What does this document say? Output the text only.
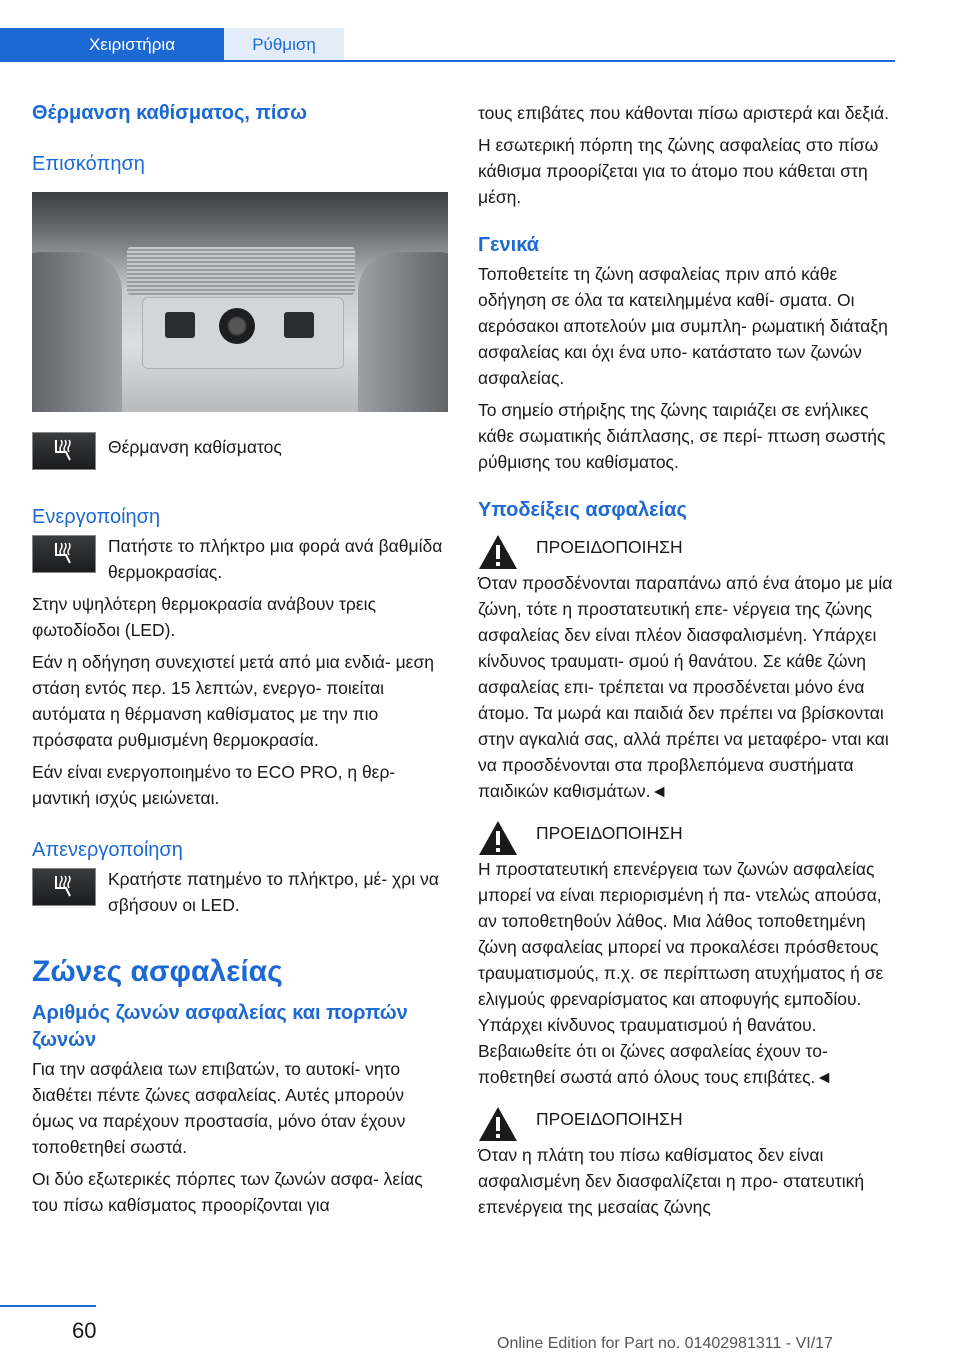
Χειριστήρια	Ρύθμιση
Θέρμανση καθίσματος, πίσω
Επισκόπηση

Θέρμανση καθίσματος

Ενεργοποίηση

Πατήστε το πλήκτρο μια φορά ανά βαθμίδα θερμοκρασίας.

Στην υψηλότερη θερμοκρασία ανάβουν τρεις φωτοδίοδοι (LED).

Εάν η οδήγηση συνεχιστεί μετά από μια ενδιά- μεση στάση εντός περ. 15 λεπτών, ενεργο- ποιείται αυτόματα η θέρμανση καθίσματος με την πιο πρόσφατα ρυθμισμένη θερμοκρασία.

Εάν είναι ενεργοποιημένο το ECO PRO, η θερ- μαντική ισχύς μειώνεται.

Απενεργοποίηση

Κρατήστε πατημένο το πλήκτρο, μέ- χρι να σβήσουν οι LED.

Ζώνες ασφαλείας
Αριθμός ζωνών ασφαλείας και πορπών ζωνών

Για την ασφάλεια των επιβατών, το αυτοκί- νητο διαθέτει πέντε ζώνες ασφαλείας. Αυτές μπορούν όμως να παρέχουν προστασία, μόνο όταν έχουν τοποθετηθεί σωστά.

Οι δύο εξωτερικές πόρπες των ζωνών ασφα- λείας του πίσω καθίσματος προορίζονται για

τους επιβάτες που κάθονται πίσω αριστερά και δεξιά.

Η εσωτερική πόρπη της ζώνης ασφαλείας στο πίσω κάθισμα προορίζεται για το άτομο που κάθεται στη μέση.

Γενικά

Τοποθετείτε τη ζώνη ασφαλείας πριν από κάθε οδήγηση σε όλα τα κατειλημμένα καθί- σματα. Οι αερόσακοι αποτελούν μια συμπλη- ρωματική διάταξη ασφαλείας και όχι ένα υπο- κατάστατο των ζωνών ασφαλείας.

Το σημείο στήριξης της ζώνης ταιριάζει σε ενήλικες κάθε σωματικής διάπλασης, σε περί- πτωση σωστής ρύθμισης του καθίσματος.

Υποδείξεις ασφαλείας

ΠΡΟΕΙΔΟΠΟΙΗΣΗ

Όταν προσδένονται παραπάνω από ένα άτομο με μία ζώνη, τότε η προστατευτική επε- νέργεια της ζώνης ασφαλείας δεν είναι πλέον διασφαλισμένη. Υπάρχει κίνδυνος τραυματι- σμού ή θανάτου. Σε κάθε ζώνη ασφαλείας επι- τρέπεται να προσδένεται μόνο ένα άτομο. Τα μωρά και παιδιά δεν πρέπει να βρίσκονται στην αγκαλιά σας, αλλά πρέπει να μεταφέρο- νται και να προσδένονται στα προβλεπόμενα συστήματα παιδικών καθισμάτων.◄

ΠΡΟΕΙΔΟΠΟΙΗΣΗ

Η προστατευτική επενέργεια των ζωνών ασφαλείας μπορεί να είναι περιορισμένη ή πα- ντελώς απούσα, αν τοποθετηθούν λάθος. Μια λάθος τοποθετημένη ζώνη ασφαλείας μπορεί να προκαλέσει πρόσθετους τραυματισμούς, π.χ. σε περίπτωση ατυχήματος ή σε ελιγμούς φρεναρίσματος και αποφυγής εμποδίου. Υπάρχει κίνδυνος τραυματισμού ή θανάτου. Βεβαιωθείτε ότι οι ζώνες ασφαλείας έχουν το- ποθετηθεί σωστά από όλους τους επιβάτες.◄

ΠΡΟΕΙΔΟΠΟΙΗΣΗ

Όταν η πλάτη του πίσω καθίσματος δεν είναι ασφαλισμένη δεν διασφαλίζεται η προ- στατευτική επενέργεια της μεσαίας ζώνης

60
Online Edition for Part no. 01402981311 - VI/17
